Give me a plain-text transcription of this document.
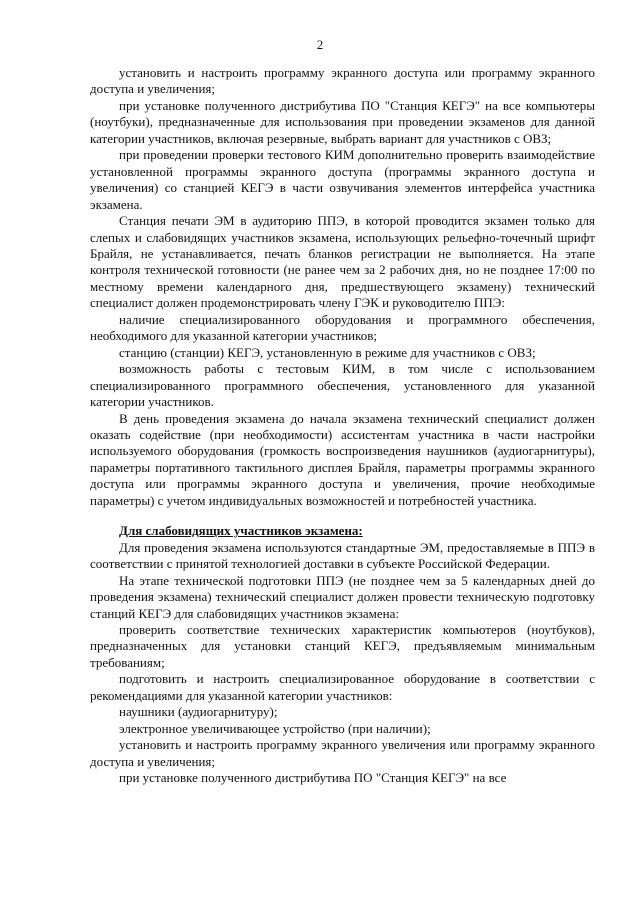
2

установить и настроить программу экранного доступа или программу экранного доступа и увеличения;

при установке полученного дистрибутива ПО "Станция КЕГЭ" на все компьютеры (ноутбуки), предназначенные для использования при проведении экзаменов для данной категории участников, включая резервные, выбрать вариант для участников с ОВЗ;

при проведении проверки тестового КИМ дополнительно проверить взаимодействие установленной программы экранного доступа (программы экранного доступа и увеличения) со станцией КЕГЭ в части озвучивания элементов интерфейса участника экзамена.

Станция печати ЭМ в аудиторию ППЭ, в которой проводится экзамен только для слепых и слабовидящих участников экзамена, использующих рельефно-точечный шрифт Брайля, не устанавливается, печать бланков регистрации не выполняется. На этапе контроля технической готовности (не ранее чем за 2 рабочих дня, но не позднее 17:00 по местному времени календарного дня, предшествующего экзамену) технический специалист должен продемонстрировать члену ГЭК и руководителю ППЭ:

наличие специализированного оборудования и программного обеспечения, необходимого для указанной категории участников;

станцию (станции) КЕГЭ, установленную в режиме для участников с ОВЗ;

возможность работы с тестовым КИМ, в том числе с использованием специализированного программного обеспечения, установленного для указанной категории участников.

В день проведения экзамена до начала экзамена технический специалист должен оказать содействие (при необходимости) ассистентам участника в части настройки используемого оборудования (громкость воспроизведения наушников (аудиогарнитуры), параметры портативного тактильного дисплея Брайля, параметры программы экранного доступа или программы экранного доступа и увеличения, прочие необходимые параметры) с учетом индивидуальных возможностей и потребностей участника.

Для слабовидящих участников экзамена:

Для проведения экзамена используются стандартные ЭМ, предоставляемые в ППЭ в соответствии с принятой технологией доставки в субъекте Российской Федерации.

На этапе технической подготовки ППЭ (не позднее чем за 5 календарных дней до проведения экзамена) технический специалист должен провести техническую подготовку станций КЕГЭ для слабовидящих участников экзамена:

проверить соответствие технических характеристик компьютеров (ноутбуков), предназначенных для установки станций КЕГЭ, предъявляемым минимальным требованиям;

подготовить и настроить специализированное оборудование в соответствии с рекомендациями для указанной категории участников:

наушники (аудиогарнитуру);

электронное увеличивающее устройство (при наличии);

установить и настроить программу экранного увеличения или программу экранного доступа и увеличения;

при установке полученного дистрибутива ПО "Станция КЕГЭ" на все
